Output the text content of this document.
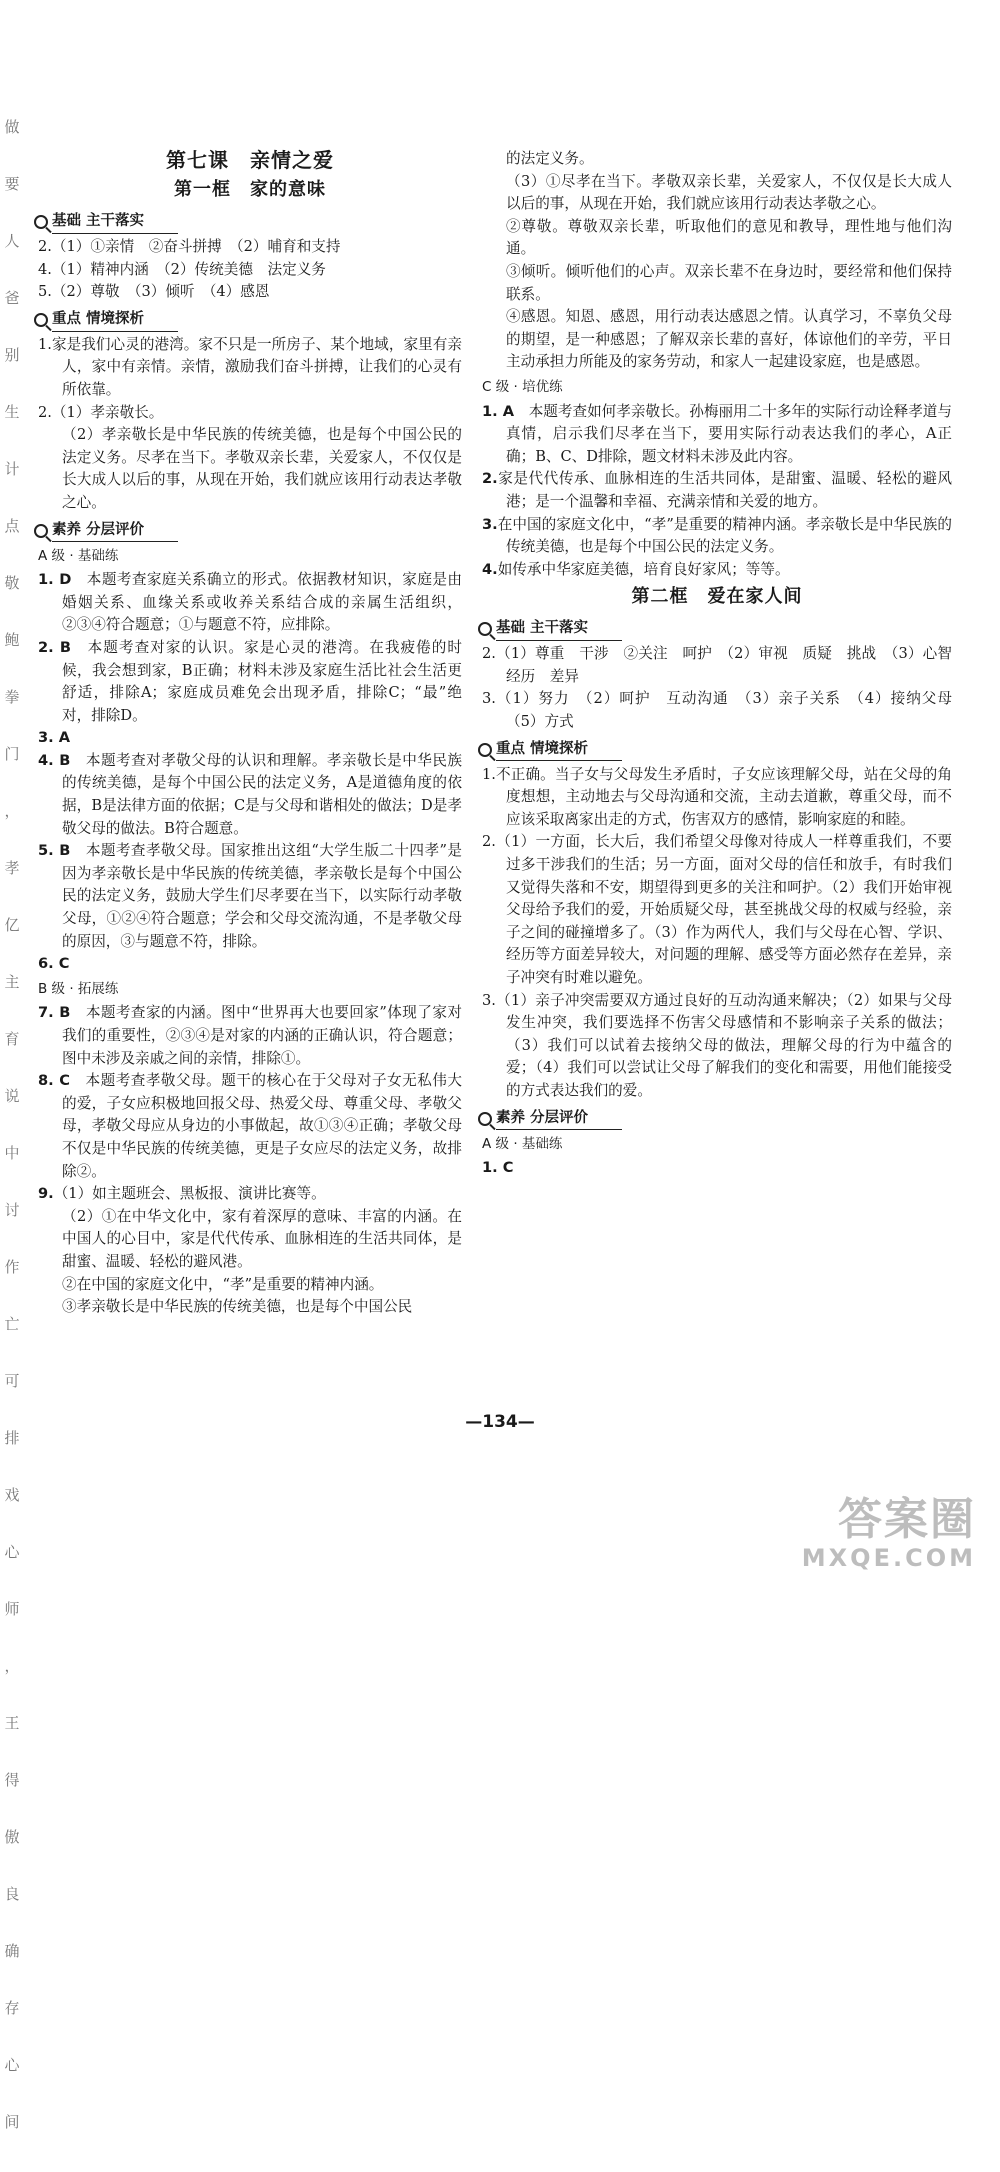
做
要
人
爸
别
生
计
点
敬
鲍
拳
门
，
孝
亿
主
育
说
中
讨
作
亡
可
排
戏
心
师
，
王
得
傲
良
确
存
心
间
第七课　亲情之爱
第一框　家的意味
基础 主干落实

2.（1）①亲情　②奋斗拼搏　（2）哺育和支持

4.（1）精神内涵　（2）传统美德　法定义务

5.（2）尊敬　（3）倾听　（4）感恩

重点 情境探析

1.家是我们心灵的港湾。家不只是一所房子、某个地域，家里有亲人，家中有亲情。亲情，激励我们奋斗拼搏，让我们的心灵有所依靠。

2.（1）孝亲敬长。

（2）孝亲敬长是中华民族的传统美德，也是每个中国公民的法定义务。尽孝在当下。孝敬双亲长辈，关爱家人，不仅仅是长大成人以后的事，从现在开始，我们就应该用行动表达孝敬之心。

素养 分层评价
A 级 · 基础练

1. D　 本题考查家庭关系确立的形式。依据教材知识，家庭是由婚姻关系、血缘关系或收养关系结合成的亲属生活组织，②③④符合题意；①与题意不符，应排除。

2. B　 本题考查对家的认识。家是心灵的港湾。在我疲倦的时候，我会想到家，B正确；材料未涉及家庭生活比社会生活更舒适，排除A；家庭成员难免会出现矛盾，排除C；“最”绝对，排除D。

3. A

4. B　 本题考查对孝敬父母的认识和理解。孝亲敬长是中华民族的传统美德，是每个中国公民的法定义务，A是道德角度的依据，B是法律方面的依据；C是与父母和谐相处的做法；D是孝敬父母的做法。B符合题意。

5. B　 本题考查孝敬父母。国家推出这组“大学生版二十四孝”是因为孝亲敬长是中华民族的传统美德，孝亲敬长是每个中国公民的法定义务，鼓励大学生们尽孝要在当下，以实际行动孝敬父母，①②④符合题意；学会和父母交流沟通，不是孝敬父母的原因，③与题意不符，排除。

6. C

B 级 · 拓展练

7. B　 本题考查家的内涵。图中“世界再大也要回家”体现了家对我们的重要性，②③④是对家的内涵的正确认识，符合题意；图中未涉及亲戚之间的亲情，排除①。

8. C　 本题考查孝敬父母。题干的核心在于父母对子女无私伟大的爱，子女应积极地回报父母、热爱父母、尊重父母、孝敬父母，孝敬父母应从身边的小事做起，故①③④正确；孝敬父母不仅是中华民族的传统美德，更是子女应尽的法定义务，故排除②。

9.（1）如主题班会、黑板报、演讲比赛等。

（2）①在中华文化中，家有着深厚的意味、丰富的内涵。在中国人的心目中，家是代代传承、血脉相连的生活共同体，是甜蜜、温暖、轻松的避风港。

②在中国的家庭文化中，“孝”是重要的精神内涵。

③孝亲敬长是中华民族的传统美德，也是每个中国公民

的法定义务。

（3）①尽孝在当下。孝敬双亲长辈，关爱家人，不仅仅是长大成人以后的事，从现在开始，我们就应该用行动表达孝敬之心。

②尊敬。尊敬双亲长辈，听取他们的意见和教导，理性地与他们沟通。

③倾听。倾听他们的心声。双亲长辈不在身边时，要经常和他们保持联系。

④感恩。知恩、感恩，用行动表达感恩之情。认真学习，不辜负父母的期望，是一种感恩；了解双亲长辈的喜好，体谅他们的辛劳，平日主动承担力所能及的家务劳动，和家人一起建设家庭，也是感恩。

C 级 · 培优练

1. A　 本题考查如何孝亲敬长。孙梅丽用二十多年的实际行动诠释孝道与真情，启示我们尽孝在当下，要用实际行动表达我们的孝心，A正确；B、C、D排除，题文材料未涉及此内容。

2.家是代代传承、血脉相连的生活共同体，是甜蜜、温暖、轻松的避风港；是一个温馨和幸福、充满亲情和关爱的地方。

3.在中国的家庭文化中，“孝”是重要的精神内涵。孝亲敬长是中华民族的传统美德，也是每个中国公民的法定义务。

4.如传承中华家庭美德，培育良好家风；等等。

第二框　爱在家人间
基础 主干落实

2.（1）尊重　干涉　②关注　呵护　（2）审视　质疑　挑战　（3）心智　经历　差异

3.（1）努力　（2）呵护　互动沟通　（3）亲子关系　（4）接纳父母　（5）方式

重点 情境探析

1.不正确。当子女与父母发生矛盾时，子女应该理解父母，站在父母的角度想想，主动地去与父母沟通和交流，主动去道歉，尊重父母，而不应该采取离家出走的方式，伤害双方的感情，影响家庭的和睦。

2.（1）一方面，长大后，我们希望父母像对待成人一样尊重我们，不要过多干涉我们的生活；另一方面，面对父母的信任和放手，有时我们又觉得失落和不安，期望得到更多的关注和呵护。（2）我们开始审视父母给予我们的爱，开始质疑父母，甚至挑战父母的权威与经验，亲子之间的碰撞增多了。（3）作为两代人，我们与父母在心智、学识、经历等方面差异较大，对问题的理解、感受等方面必然存在差异，亲子冲突有时难以避免。

3.（1）亲子冲突需要双方通过良好的互动沟通来解决；（2）如果与父母发生冲突，我们要选择不伤害父母感情和不影响亲子关系的做法；（3）我们可以试着去接纳父母的做法，理解父母的行为中蕴含的爱；（4）我们可以尝试让父母了解我们的变化和需要，用他们能接受的方式表达我们的爱。

素养 分层评价
A 级 · 基础练

1. C

—134—
答案圈
MXQE.COM
